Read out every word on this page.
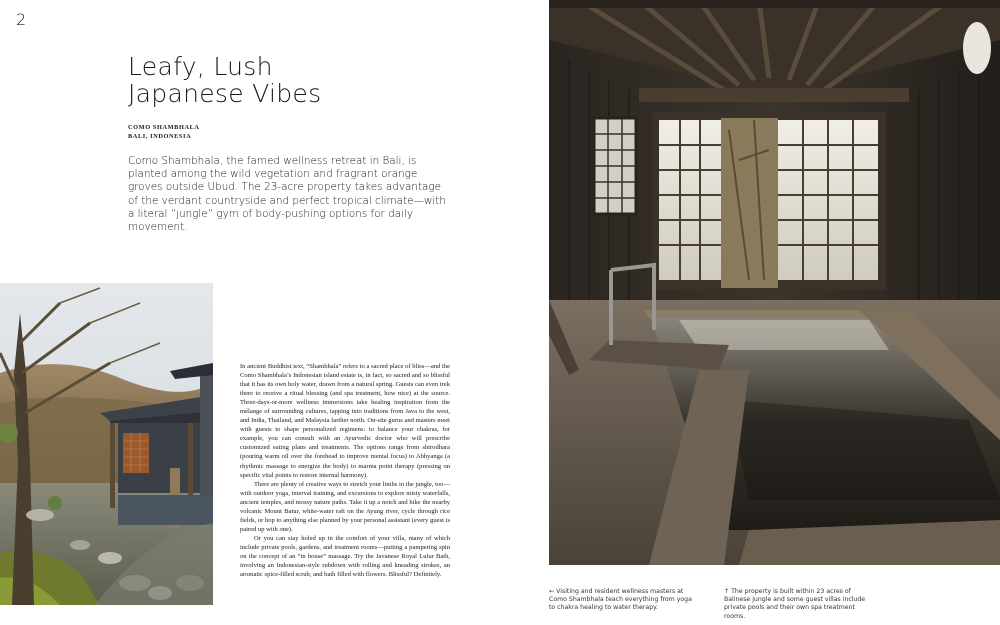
2
Leafy, Lush
Japanese Vibes
COMO SHAMBHALA
BALI, INDONESIA
Como Shambhala, the famed wellness retreat in Bali, is planted among the wild vegetation and fragrant orange groves outside Ubud. The 23-acre property takes advantage of the verdant countryside and perfect tropical climate—with a literal “jungle” gym of body-pushing options for daily movement.

In ancient Buddhist text, “Shambhala” refers to a sacred place of bliss—and the Como Shambhala’s Indonesian island estate is, in fact, so sacred and so blissful that it has its own holy water, drawn from a natural spring. Guests can even trek there to receive a ritual blessing (and spa treatment, how nice) at the source. Three-days-or-more wellness immersions take healing inspiration from the mélange of surrounding cultures, tapping into traditions from Java to the west, and India, Thailand, and Malaysia farther north. On-site gurus and masters meet with guests to shape personalized regimens: to balance your chakras, for example, you can consult with an Ayurvedic doctor who will prescribe customized eating plans and treatments. The options range from shirodhara (pouring warm oil over the forehead to improve mental focus) to Abhyanga (a rhythmic massage to energize the body) to marma point therapy (pressing on specific vital points to restore internal harmony).

There are plenty of creative ways to stretch your limbs in the jungle, too—with outdoor yoga, interval training, and excursions to explore misty waterfalls, ancient temples, and mossy nature paths. Take it up a notch and hike the nearby volcanic Mount Batur, white-water raft on the Ayung river, cycle through rice fields, or hop to anything else planned by your personal assistant (every guest is paired up with one).

Or you can stay holed up in the comfort of your villa, many of which include private pools, gardens, and treatment rooms—putting a pampering spin on the concept of an “in house” massage. Try the Javanese Royal Lulur Bath, involving an Indonesian-style rubdown with rolling and kneading strokes, an aromatic spice-filled scrub, and bath filled with flowers. Blissful? Definitely.

← Visiting and resident wellness masters at Como Shambhala teach everything from yoga to chakra healing to water therapy.
↑ The property is built within 23 acres of Balinese jungle and some guest villas include private pools and their own spa treatment rooms.
